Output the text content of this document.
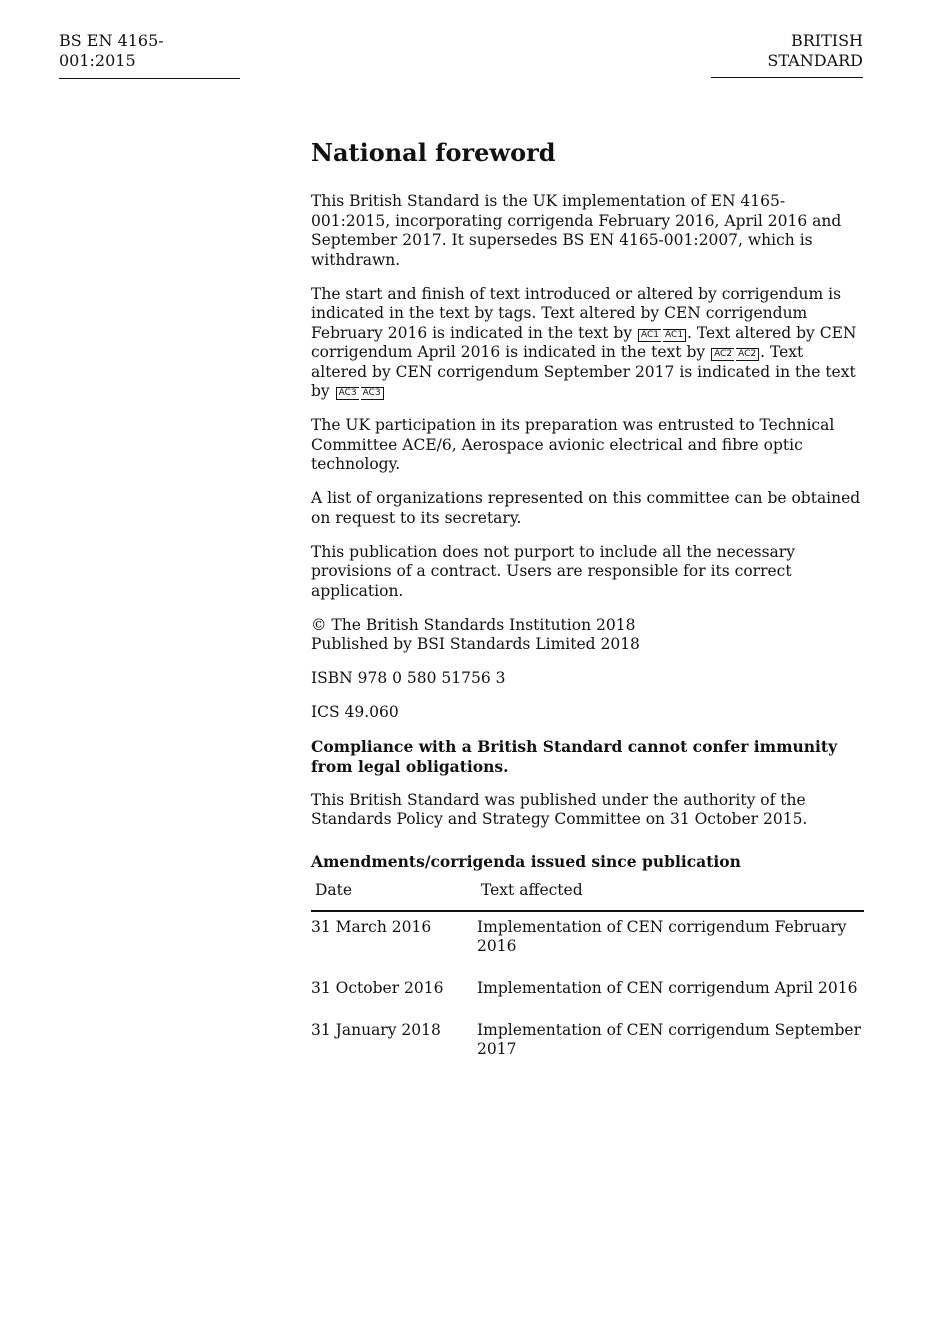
BS EN 4165-001:2015
BRITISH STANDARD
National foreword

This British Standard is the UK implementation of EN 4165-001:2015, incorporating corrigenda February 2016, April 2016 and September 2017. It supersedes BS EN 4165-001:2007, which is withdrawn.

The start and finish of text introduced or altered by corrigendum is indicated in the text by tags. Text altered by CEN corrigendum February 2016 is indicated in the text by AC1 AC1 . Text altered by CEN corrigendum April 2016 is indicated in the text by AC2 AC2 . Text altered by CEN corrigendum September 2017 is indicated in the text by AC3 AC3

The UK participation in its preparation was entrusted to Technical Committee ACE/6, Aerospace avionic electrical and fibre optic technology.

A list of organizations represented on this committee can be obtained on request to its secretary.

This publication does not purport to include all the necessary provisions of a contract. Users are responsible for its correct application.

© The British Standards Institution 2018
Published by BSI Standards Limited 2018

ISBN 978 0 580 51756 3

ICS 49.060

Compliance with a British Standard cannot confer immunity from legal obligations.

This British Standard was published under the authority of the Standards Policy and Strategy Committee on 31 October 2015.

Amendments/corrigenda issued since publication
Date	Text affected
31 March 2016	Implementation of CEN corrigendum February 2016
31 October 2016	Implementation of CEN corrigendum April 2016
31 January 2018	Implementation of CEN corrigendum September 2017
